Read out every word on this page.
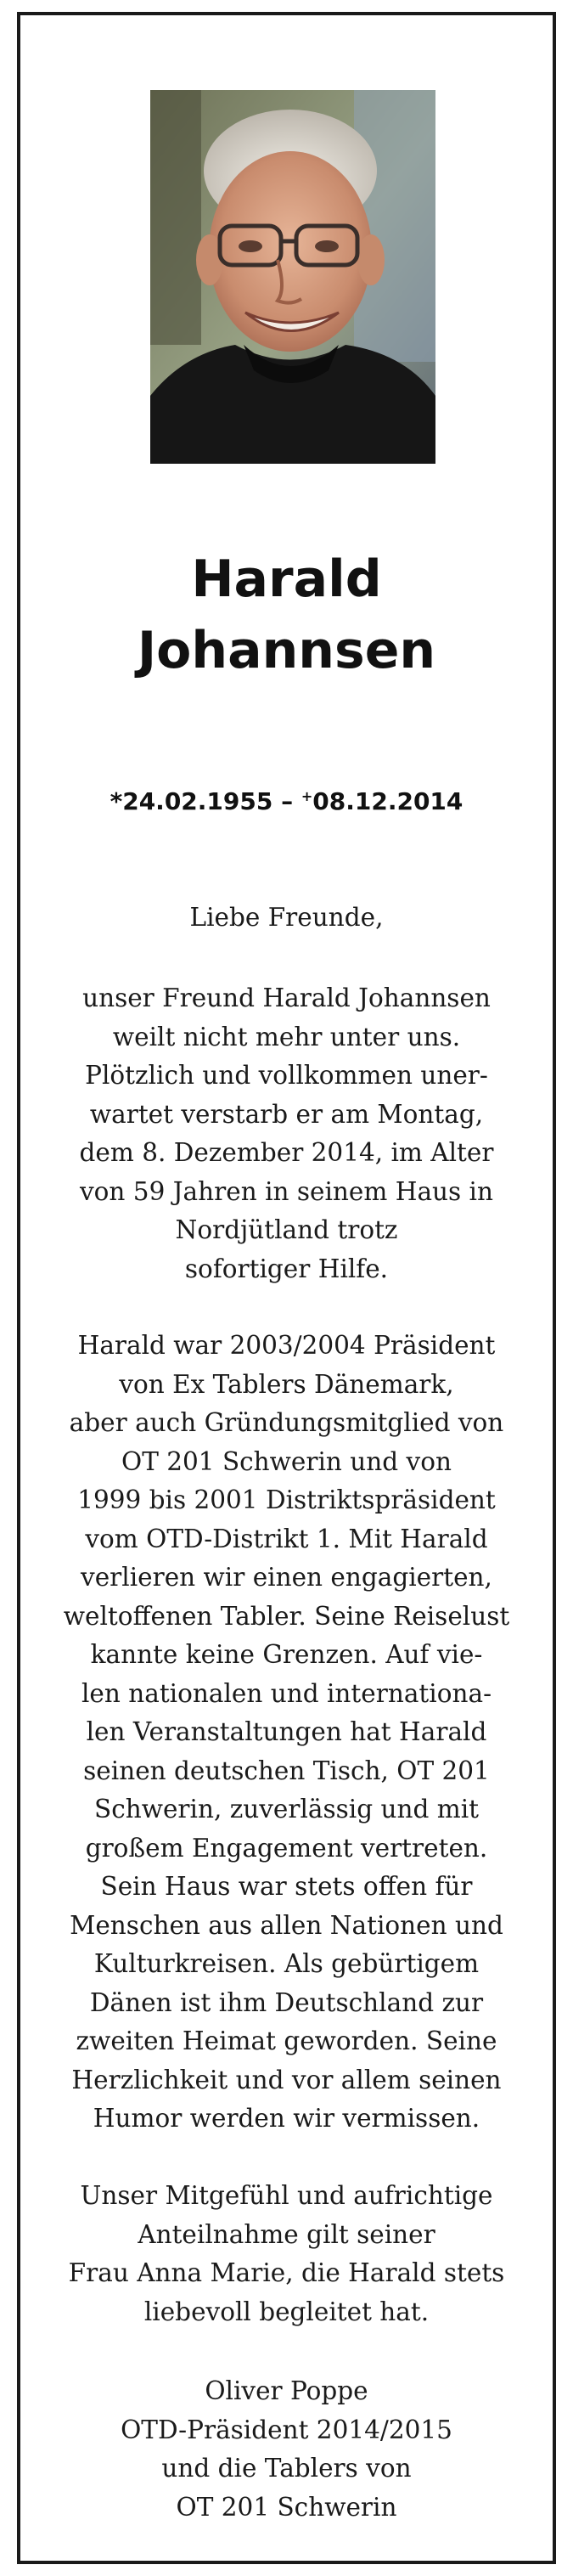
Harald
Johannsen
*24.02.1955 – +08.12.2014
Liebe Freunde,
unser Freund Harald Johannsen
weilt nicht mehr unter uns.
Plötzlich und vollkommen uner-
wartet verstarb er am Montag,
dem 8. Dezember 2014, im Alter
von 59 Jahren in seinem Haus in
Nordjütland trotz
sofortiger Hilfe.
Harald war 2003/2004 Präsident
von Ex Tablers Dänemark,
aber auch Gründungsmitglied von
OT 201 Schwerin und von
1999 bis 2001 Distriktspräsident
vom OTD-Distrikt 1. Mit Harald
verlieren wir einen engagierten,
weltoffenen Tabler. Seine Reiselust
kannte keine Grenzen. Auf vie-
len nationalen und internationa-
len Veranstaltungen hat Harald
seinen deutschen Tisch, OT 201
Schwerin, zuverlässig und mit
großem Engagement vertreten.
Sein Haus war stets offen für
Menschen aus allen Nationen und
Kulturkreisen. Als gebürtigem
Dänen ist ihm Deutschland zur
zweiten Heimat geworden. Seine
Herzlichkeit und vor allem seinen
Humor werden wir vermissen.
Unser Mitgefühl und aufrichtige
Anteilnahme gilt seiner
Frau Anna Marie, die Harald stets
liebevoll begleitet hat.
Oliver Poppe
OTD-Präsident 2014/2015
und die Tablers von
OT 201 Schwerin
